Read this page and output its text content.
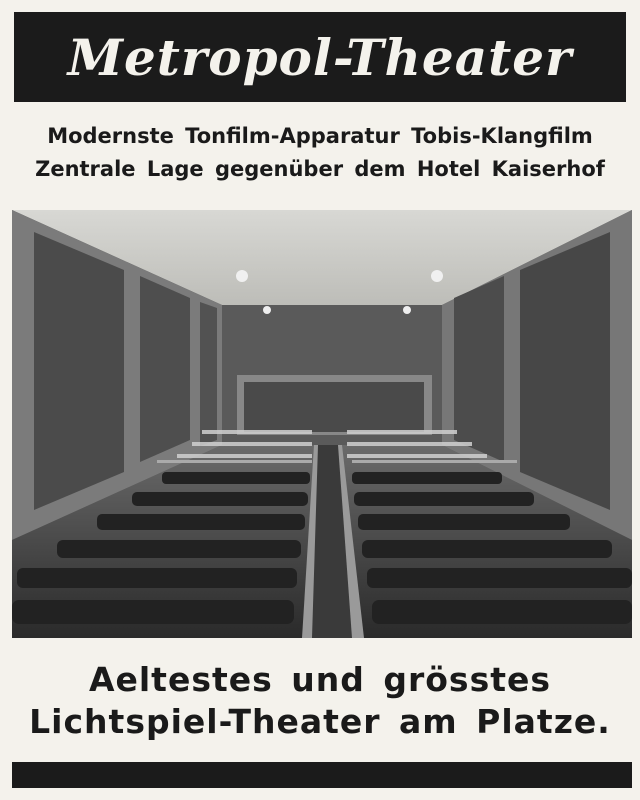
Metropol-Theater
Modernste Tonfilm-Apparatur Tobis-Klangfilm
Zentrale Lage gegenüber dem Hotel Kaiserhof
Aeltestes und grösstes
Lichtspiel-Theater am Platze.
